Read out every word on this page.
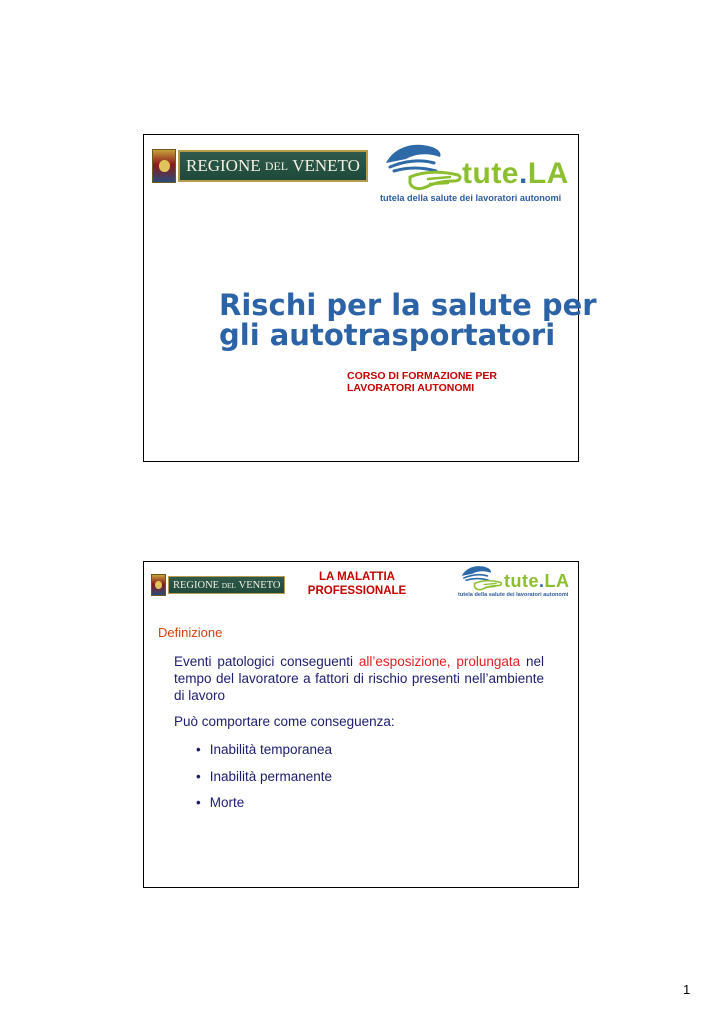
REGIONE
DEL
VENETO	tute.LA
tutela della salute dei lavoratori autonomi
Rischi per la salute per
gli autotrasportatori
CORSO DI FORMAZIONE PER
LAVORATORI AUTONOMI
REGIONE
DEL
VENETO
LA MALATTIA
PROFESSIONALE	tute.LA
tutela della salute dei lavoratori autonomi
Definizione
Eventi patologici conseguenti all’esposizione, prolungata nel tempo del lavoratore a fattori di rischio presenti nell’ambiente di lavoro
Può comportare come conseguenza:
• Inabilità temporanea
• Inabilità permanente
• Morte
1
